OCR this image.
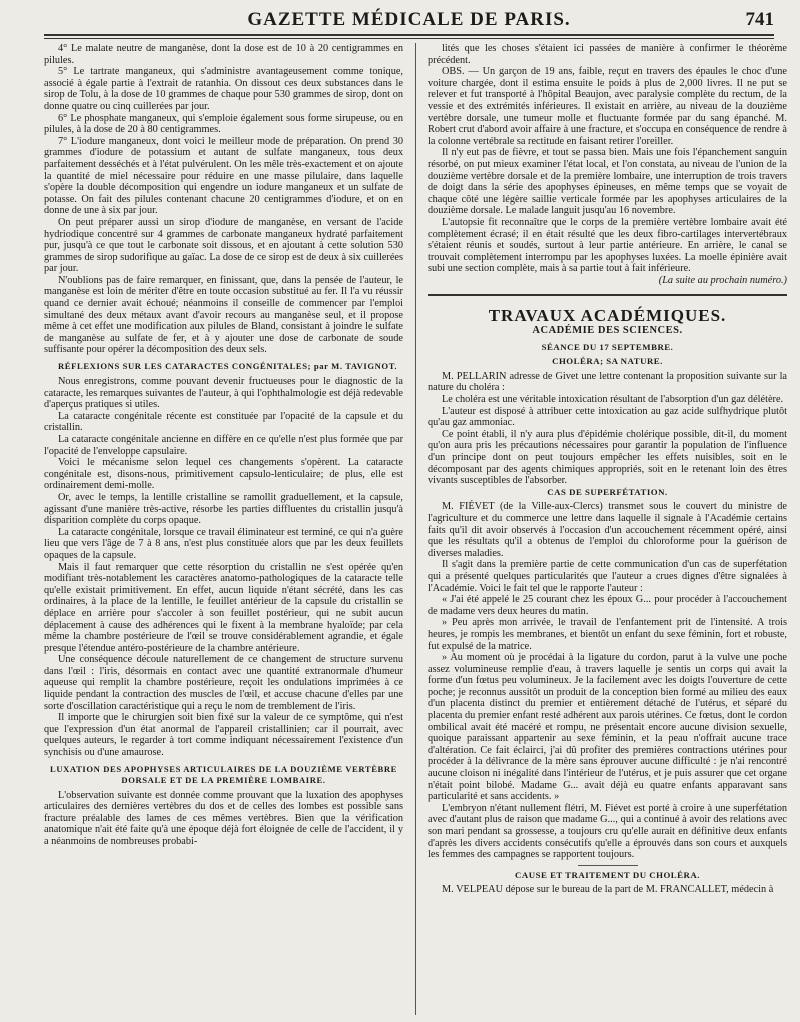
GAZETTE MÉDICALE DE PARIS.	741

4° Le malate neutre de manganèse, dont la dose est de 10 à 20 centigrammes en pilules.

5° Le tartrate manganeux, qui s'administre avantageusement comme tonique, associé à égale partie à l'extrait de ratanhia. On dissout ces deux substances dans le sirop de Tolu, à la dose de 10 grammes de chaque pour 530 grammes de sirop, dont on donne quatre ou cinq cuillerées par jour.

6° Le phosphate manganeux, qui s'emploie également sous forme sirupeuse, ou en pilules, à la dose de 20 à 80 centigrammes.

7° L'iodure manganeux, dont voici le meilleur mode de préparation. On prend 30 grammes d'iodure de potassium et autant de sulfate manganeux, tous deux parfaitement desséchés et à l'état pulvérulent. On les mêle très-exactement et on ajoute la quantité de miel nécessaire pour réduire en une masse pilulaire, dans laquelle s'opère la double décomposition qui engendre un iodure manganeux et un sulfate de potasse. On fait des pilules contenant chacune 20 centigrammes d'iodure, et on en donne de une à six par jour.

On peut préparer aussi un sirop d'iodure de manganèse, en versant de l'acide hydriodique concentré sur 4 grammes de carbonate manganeux hydraté parfaitement pur, jusqu'à ce que tout le carbonate soit dissous, et en ajoutant à cette solution 530 grammes de sirop sudorifique au gaïac. La dose de ce sirop est de deux à six cuillerées par jour.

N'oublions pas de faire remarquer, en finissant, que, dans la pensée de l'auteur, le manganèse est loin de mériter d'être en toute occasion substitué au fer. Il l'a vu réussir quand ce dernier avait échoué; néanmoins il conseille de commencer par l'emploi simultané des deux métaux avant d'avoir recours au manganèse seul, et il propose même à cet effet une modification aux pilules de Bland, consistant à joindre le sulfate de manganèse au sulfate de fer, et à y ajouter une dose de carbonate de soude suffisante pour opérer la décomposition des deux sels.

RÉFLEXIONS SUR LES CATARACTES CONGÉNITALES; par M. TAVIGNOT.

Nous enregistrons, comme pouvant devenir fructueuses pour le diagnostic de la cataracte, les remarques suivantes de l'auteur, à qui l'ophthalmologie est déjà redevable d'aperçus pratiques si utiles.

La cataracte congénitale récente est constituée par l'opacité de la capsule et du cristallin.

La cataracte congénitale ancienne en diffère en ce qu'elle n'est plus formée que par l'opacité de l'enveloppe capsulaire.

Voici le mécanisme selon lequel ces changements s'opèrent. La cataracte congénitale est, disons-nous, primitivement capsulo-lenticulaire; de plus, elle est ordinairement demi-molle.

Or, avec le temps, la lentille cristalline se ramollit graduellement, et la capsule, agissant d'une manière très-active, résorbe les parties diffluentes du cristallin jusqu'à disparition complète du corps opaque.

La cataracte congénitale, lorsque ce travail éliminateur est terminé, ce qui n'a guère lieu que vers l'âge de 7 à 8 ans, n'est plus constituée alors que par les deux feuillets opaques de la capsule.

Mais il faut remarquer que cette résorption du cristallin ne s'est opérée qu'en modifiant très-notablement les caractères anatomo-pathologiques de la cataracte telle qu'elle existait primitivement. En effet, aucun liquide n'étant sécrété, dans les cas ordinaires, à la place de la lentille, le feuillet antérieur de la capsule du cristallin se déplace en arrière pour s'accoler à son feuillet postérieur, qui ne subit aucun déplacement à cause des adhérences qui le fixent à la membrane hyaloïde; par cela même la chambre postérieure de l'œil se trouve considérablement agrandie, et égale presque l'étendue antéro-postérieure de la chambre antérieure.

Une conséquence découle naturellement de ce changement de structure survenu dans l'œil : l'iris, désormais en contact avec une quantité extranormale d'humeur aqueuse qui remplit la chambre postérieure, reçoit les ondulations imprimées à ce liquide pendant la contraction des muscles de l'œil, et accuse chacune d'elles par une sorte d'oscillation caractéristique qui a reçu le nom de tremblement de l'iris.

Il importe que le chirurgien soit bien fixé sur la valeur de ce symptôme, qui n'est que l'expression d'un état anormal de l'appareil cristallinien; car il pourrait, avec quelques auteurs, le regarder à tort comme indiquant nécessairement l'existence d'un synchisis ou d'une amaurose.

LUXATION DES APOPHYSES ARTICULAIRES DE LA DOUZIÈME VERTÈBRE DORSALE ET DE LA PREMIÈRE LOMBAIRE.

L'observation suivante est donnée comme prouvant que la luxation des apophyses articulaires des dernières vertèbres du dos et de celles des lombes est possible sans fracture préalable des lames de ces mêmes vertèbres. Bien que la vérification anatomique n'ait été faite qu'à une époque déjà fort éloignée de celle de l'accident, il y a néanmoins de nombreuses probabi-

lités que les choses s'étaient ici passées de manière à confirmer le théorème précédent.

OBS. — Un garçon de 19 ans, faible, reçut en travers des épaules le choc d'une voiture chargée, dont il estima ensuite le poids à plus de 2,000 livres. Il ne put se relever et fut transporté à l'hôpital Beaujon, avec paralysie complète du rectum, de la vessie et des extrémités inférieures. Il existait en arrière, au niveau de la douzième vertèbre dorsale, une tumeur molle et fluctuante formée par du sang épanché. M. Robert crut d'abord avoir affaire à une fracture, et s'occupa en conséquence de rendre à la colonne vertébrale sa rectitude en faisant retirer l'oreiller.

Il n'y eut pas de fièvre, et tout se passa bien. Mais une fois l'épanchement sanguin résorbé, on put mieux examiner l'état local, et l'on constata, au niveau de l'union de la douzième vertèbre dorsale et de la première lombaire, une interruption de trois travers de doigt dans la série des apophyses épineuses, en même temps que se voyait de chaque côté une légère saillie verticale formée par les apophyses articulaires de la douzième dorsale. Le malade languit jusqu'au 16 novembre.

L'autopsie fit reconnaître que le corps de la première vertèbre lombaire avait été complètement écrasé; il en était résulté que les deux fibro-cartilages intervertébraux s'étaient réunis et soudés, surtout à leur partie antérieure. En arrière, le canal se trouvait complètement interrompu par les apophyses luxées. La moelle épinière avait subi une section complète, mais à sa partie tout à fait inférieure.

(La suite au prochain numéro.)

TRAVAUX ACADÉMIQUES.
ACADÉMIE DES SCIENCES.
SÉANCE DU 17 SEPTEMBRE.
CHOLÉRA; SA NATURE.

M. PELLARIN adresse de Givet une lettre contenant la proposition suivante sur la nature du choléra :

Le choléra est une véritable intoxication résultant de l'absorption d'un gaz délétère.

L'auteur est disposé à attribuer cette intoxication au gaz acide sulfhydrique plutôt qu'au gaz ammoniac.

Ce point établi, il n'y aura plus d'épidémie cholérique possible, dit-il, du moment qu'on aura pris les précautions nécessaires pour garantir la population de l'influence d'un principe dont on peut toujours empêcher les effets nuisibles, soit en le décomposant par des agents chimiques appropriés, soit en le retenant loin des êtres vivants susceptibles de l'absorber.

CAS DE SUPERFÉTATION.

M. FIÉVET (de la Ville-aux-Clercs) transmet sous le couvert du ministre de l'agriculture et du commerce une lettre dans laquelle il signale à l'Académie certains faits qu'il dit avoir observés à l'occasion d'un accouchement récemment opéré, ainsi que les résultats qu'il a obtenus de l'emploi du chloroforme pour la guérison de diverses maladies.

Il s'agit dans la première partie de cette communication d'un cas de superfétation qui a présenté quelques particularités que l'auteur a crues dignes d'être signalées à l'Académie. Voici le fait tel que le rapporte l'auteur :

« J'ai été appelé le 25 courant chez les époux G... pour procéder à l'accouchement de madame vers deux heures du matin.

» Peu après mon arrivée, le travail de l'enfantement prit de l'intensité. A trois heures, je rompis les membranes, et bientôt un enfant du sexe féminin, fort et robuste, fut expulsé de la matrice.

» Au moment où je procédai à la ligature du cordon, parut à la vulve une poche assez volumineuse remplie d'eau, à travers laquelle je sentis un corps qui avait la forme d'un fœtus peu volumineux. Je la facilement avec les doigts l'ouverture de cette poche; je reconnus aussitôt un produit de la conception bien formé au milieu des eaux d'un placenta distinct du premier et entièrement détaché de l'utérus, et séparé du placenta du premier enfant resté adhérent aux parois utérines. Ce fœtus, dont le cordon ombilical avait été macéré et rompu, ne présentait encore aucune division sexuelle, quoique paraissant appartenir au sexe féminin, et la peau n'offrait aucune trace d'altération. Ce fait éclairci, j'ai dû profiter des premières contractions utérines pour procéder à la délivrance de la mère sans éprouver aucune difficulté : je n'ai rencontré aucune cloison ni inégalité dans l'intérieur de l'utérus, et je puis assurer que cet organe n'était point bilobé. Madame G... avait déjà eu quatre enfants apparavant sans particularité et sans accidents. »

L'embryon n'étant nullement flétri, M. Fiévet est porté à croire à une superfétation avec d'autant plus de raison que madame G..., qui a continué à avoir des relations avec son mari pendant sa grossesse, a toujours cru qu'elle aurait en définitive deux enfants d'après les divers accidents consécutifs qu'elle a éprouvés dans son cours et auxquels les femmes des campagnes se rapportent toujours.

CAUSE ET TRAITEMENT DU CHOLÉRA.

M. VELPEAU dépose sur le bureau de la part de M. FRANCALLET, médecin à
